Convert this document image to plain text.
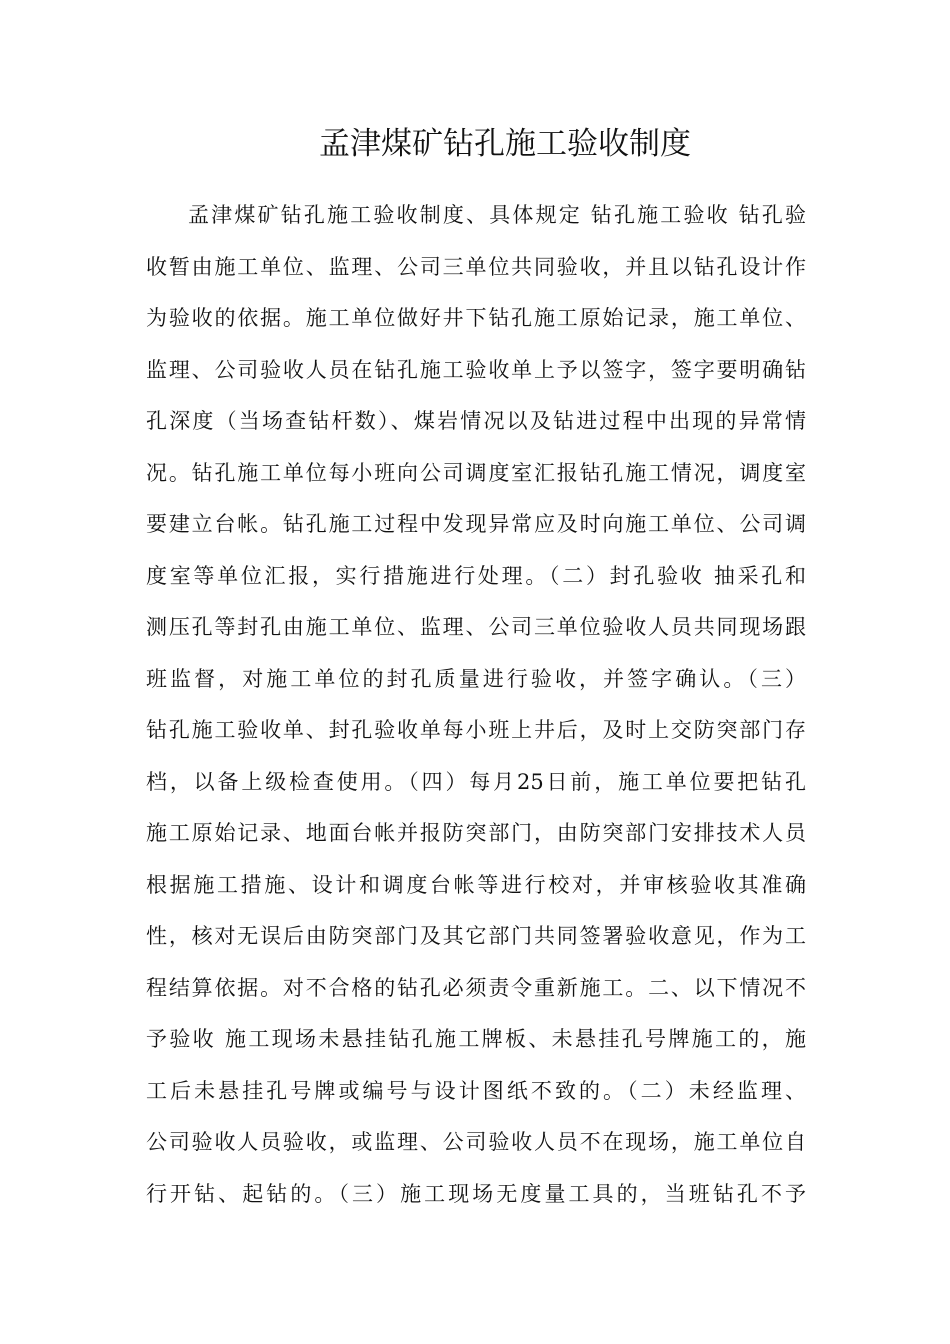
孟津煤矿钻孔施工验收制度
孟津煤矿钻孔施工验收制度、具体规定 钻孔施工验收 钻孔验
收暂由施工单位、监理、公司三单位共同验收，并且以钻孔设计作
为验收的依据。施工单位做好井下钻孔施工原始记录，施工单位、
监理、公司验收人员在钻孔施工验收单上予以签字，签字要明确钻
孔深度（当场查钻杆数）、煤岩情况以及钻进过程中出现的异常情
况。钻孔施工单位每小班向公司调度室汇报钻孔施工情况，调度室
要建立台帐。钻孔施工过程中发现异常应及时向施工单位、公司调
度室等单位汇报，实行措施进行处理。（二）封孔验收 抽采孔和
测压孔等封孔由施工单位、监理、公司三单位验收人员共同现场跟
班监督，对施工单位的封孔质量进行验收，并签字确认。（三）
钻孔施工验收单、封孔验收单每小班上井后，及时上交防突部门存
档，以备上级检查使用。（四）每月25日前，施工单位要把钻孔
施工原始记录、地面台帐并报防突部门，由防突部门安排技术人员
根据施工措施、设计和调度台帐等进行校对，并审核验收其准确
性，核对无误后由防突部门及其它部门共同签署验收意见，作为工
程结算依据。对不合格的钻孔必须责令重新施工。二、以下情况不
予验收 施工现场未悬挂钻孔施工牌板、未悬挂孔号牌施工的，施
工后未悬挂孔号牌或编号与设计图纸不致的。（二）未经监理、
公司验收人员验收，或监理、公司验收人员不在现场，施工单位自
行开钻、起钻的。（三）施工现场无度量工具的，当班钻孔不予
